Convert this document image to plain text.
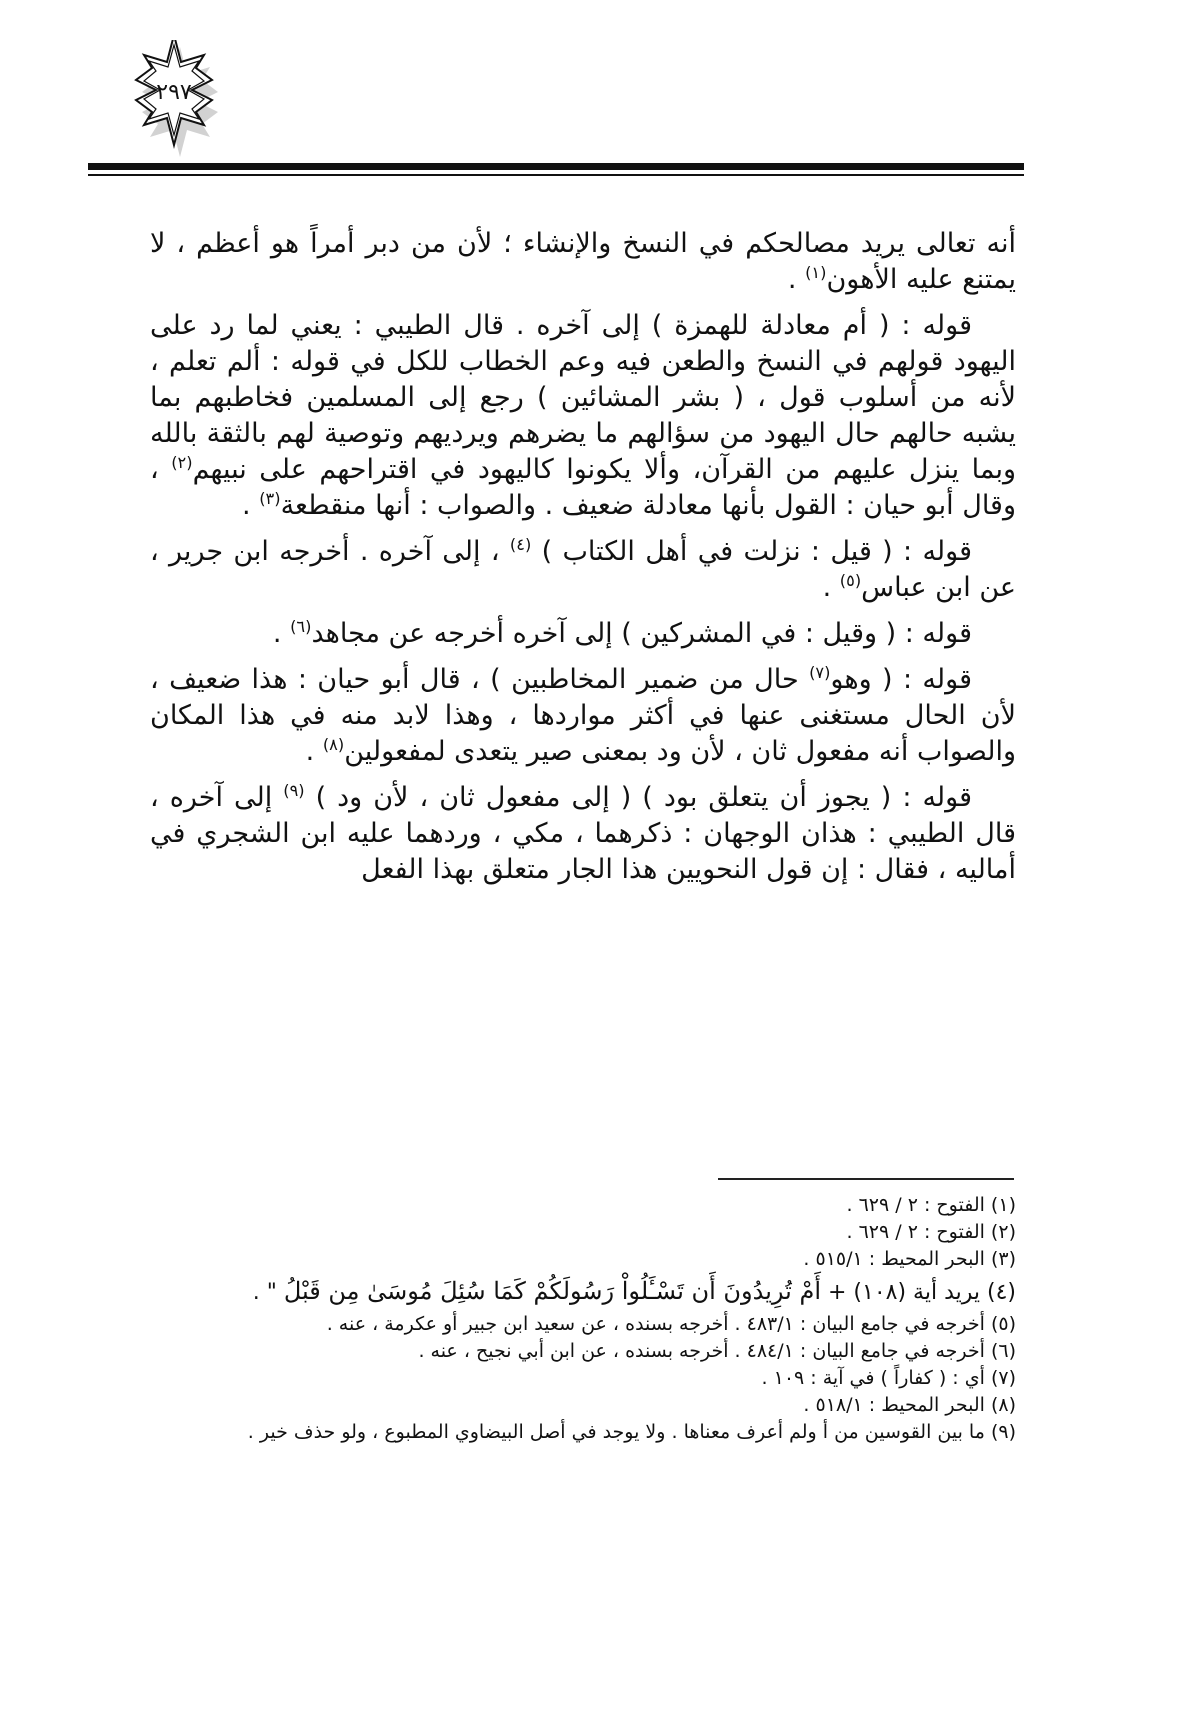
٢٩٧

أنه تعالى يريد مصالحكم في النسخ والإنشاء ؛ لأن من دبر أمراً هو أعظم ، لا يمتنع عليه الأهون$^{(١)}$ .

قوله : ( أم معادلة للهمزة ) إلى آخره . قال الطيبي : يعني لما رد على اليهود قولهم في النسخ والطعن فيه وعم الخطاب للكل في قوله : ألم تعلم ، لأنه من أسلوب قول ، ( بشر المشائين ) رجع إلى المسلمين فخاطبهم بما يشبه حالهم حال اليهود من سؤالهم ما يضرهم ويرديهم وتوصية لهم بالثقة بالله وبما ينزل عليهم من القرآن، وألا يكونوا كاليهود في اقتراحهم على نبيهم$^{(٢)}$ ، وقال أبو حيان : القول بأنها معادلة ضعيف . والصواب : أنها منقطعة$^{(٣)}$ .

قوله : ( قيل : نزلت في أهل الكتاب ) $^{(٤)}$ ، إلى آخره . أخرجه ابن جرير ، عن ابن عباس$^{(٥)}$ .

قوله : ( وقيل : في المشركين ) إلى آخره أخرجه عن مجاهد$^{(٦)}$ .

قوله : ( وهو$^{(٧)}$ حال من ضمير المخاطبين ) ، قال أبو حيان : هذا ضعيف ، لأن الحال مستغنى عنها في أكثر مواردها ، وهذا لابد منه في هذا المكان والصواب أنه مفعول ثان ، لأن ود بمعنى صير يتعدى لمفعولين$^{(٨)}$ .

قوله : ( يجوز أن يتعلق بود ) ( إلى مفعول ثان ، لأن ود ) $^{(٩)}$ إلى آخره ، قال الطيبي : هذان الوجهان : ذكرهما ، مكي ، وردهما عليه ابن الشجري في أماليه ، فقال : إن قول النحويين هذا الجار متعلق بهذا الفعل

(١) الفتوح : ٢ / ٦٢٩ .

(٢) الفتوح : ٢ / ٦٢٩ .

(٣) البحر المحيط : ٥١٥/١ .

(٤) يريد أية (١٠٨) + أَمْ تُرِيدُونَ أَن تَسْـَٔلُواْ رَسُولَكُمْ كَمَا سُئِلَ مُوسَىٰ مِن قَبْلُ " .

(٥) أخرجه في جامع البيان : ٤٨٣/١ . أخرجه بسنده ، عن سعيد ابن جبير أو عكرمة ، عنه .

(٦) أخرجه في جامع البيان : ٤٨٤/١ . أخرجه بسنده ، عن ابن أبي نجيح ، عنه .

(٧) أي : ( كفاراً ) في آية : ١٠٩ .

(٨) البحر المحيط : ٥١٨/١ .

(٩) ما بين القوسين من أ ولم أعرف معناها . ولا يوجد في أصل البيضاوي المطبوع ، ولو حذف خير .
